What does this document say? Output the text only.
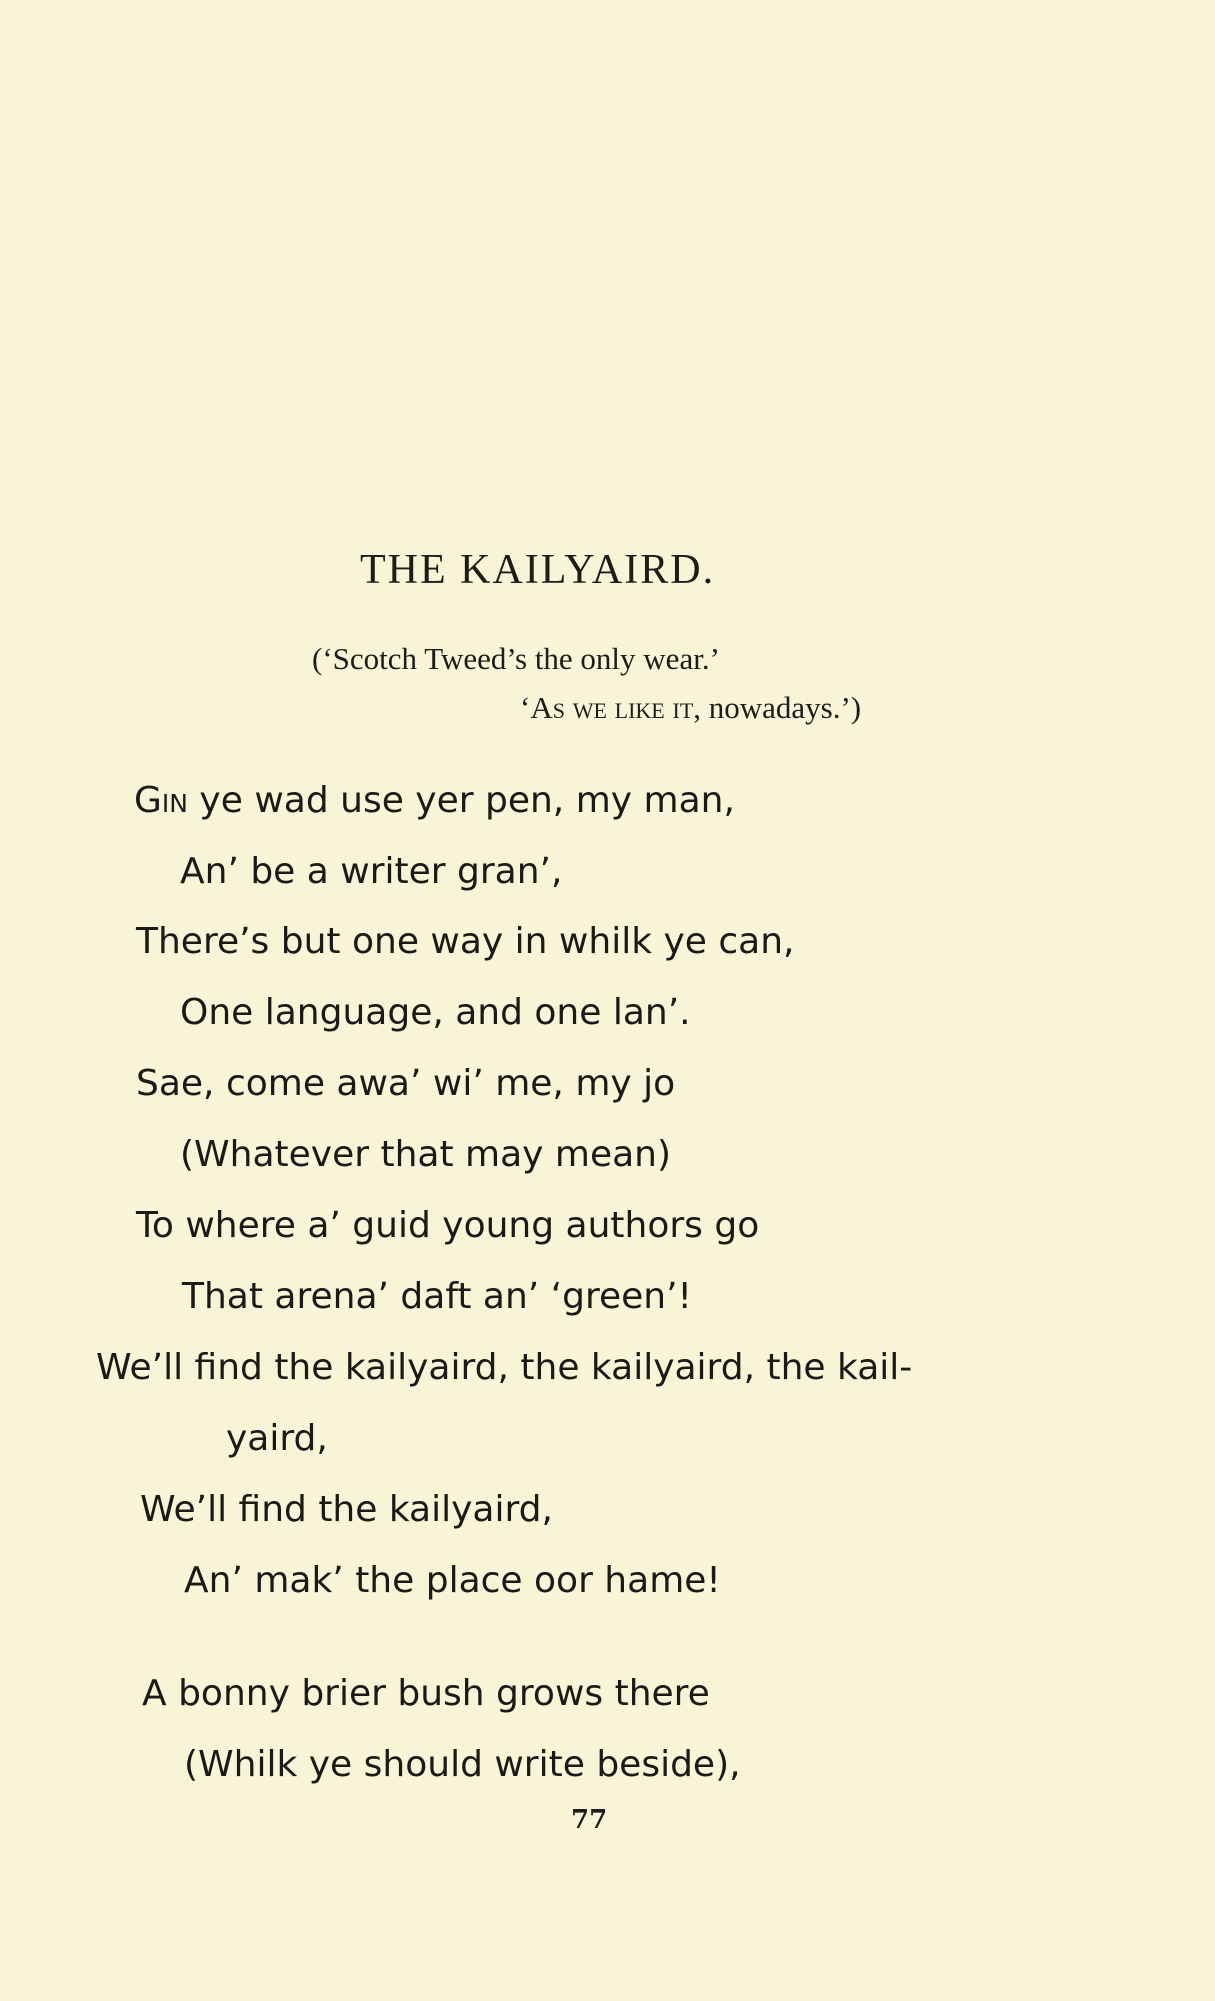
THE KAILYAIRD.
(‘Scotch Tweed’s the only wear.’
‘As we like it, nowadays.’)
Gin ye wad use yer pen, my man,
An’ be a writer gran’,
There’s but one way in whilk ye can,
One language, and one lan’.
Sae, come awa’ wi’ me, my jo
(Whatever that may mean)
To where a’ guid young authors go
That arena’ daft an’ ‘green’!
We’ll find the kailyaird, the kailyaird, the kail-
yaird,
We’ll find the kailyaird,
An’ mak’ the place oor hame!
A bonny brier bush grows there
(Whilk ye should write beside),
77
